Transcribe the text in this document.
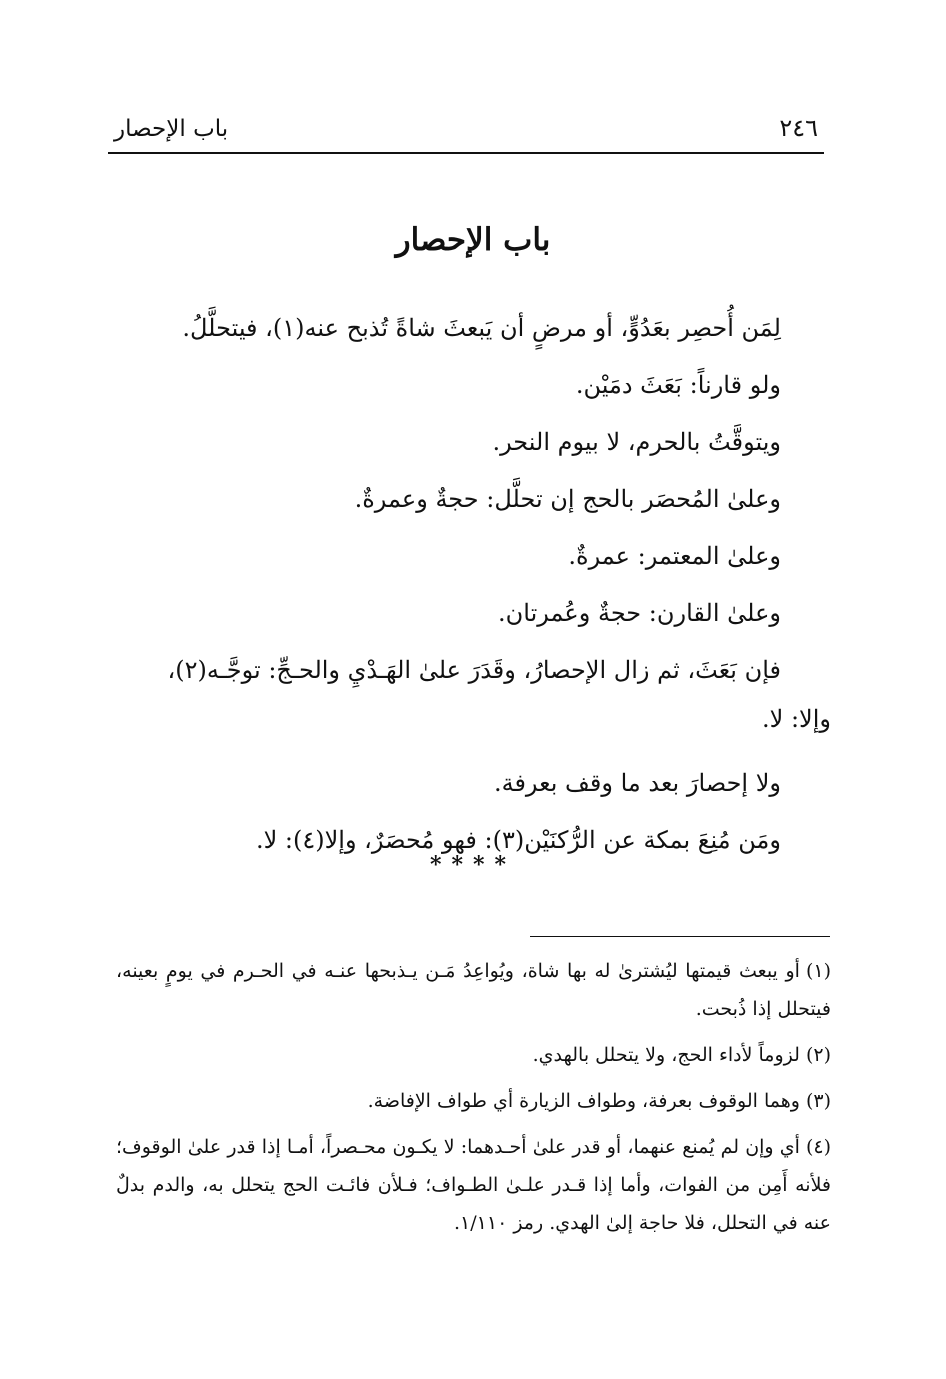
٢٤٦
باب الإحصار
باب الإحصار
لِمَن أُحصِر بعَدُوٍّ، أو مرضٍ أن يَبعثَ شاةً تُذبح عنه(١)، فيتحلَّلُ.
ولو قارناً: بَعَثَ دمَيْن.
ويتوقَّتُ بالحرم، لا بيوم النحر.
وعلىٰ المُحصَر بالحج إن تحلَّل: حجةٌ وعمرةٌ.
وعلىٰ المعتمر: عمرةٌ.
وعلىٰ القارن: حجةٌ وعُمرتان.
فإن بَعَثَ، ثم زال الإحصارُ، وقَدَرَ علىٰ الهَـدْيِ والحـجِّ: توجَّـه(٢)،
وإلا: لا.
ولا إحصارَ بعد ما وقف بعرفة.
ومَن مُنِعَ بمكة عن الرُّكنَيْن(٣): فهو مُحصَرٌ، وإلا(٤): لا.
****
(١)أو يبعث قيمتها ليُشترىٰ له بها شاة، ويُواعِدُ مَـن يـذبحها عنـه في الحـرم في يومٍ بعينه، فيتحلل إذا ذُبحت.
(٢)لزوماً لأداء الحج، ولا يتحلل بالهدي.
(٣)وهما الوقوف بعرفة، وطواف الزيارة أي طواف الإفاضة.
(٤)أي وإن لم يُمنع عنهما، أو قدر علىٰ أحـدهما: لا يكـون محـصراً، أمـا إذا قدر علىٰ الوقوف؛ فلأنه أَمِن من الفوات، وأما إذا قـدر علـىٰ الطـواف؛ فـلأن فائـت الحج يتحلل به، والدم بدلٌ عنه في التحلل، فلا حاجة إلىٰ الهدي. رمز ١/١١٠.
